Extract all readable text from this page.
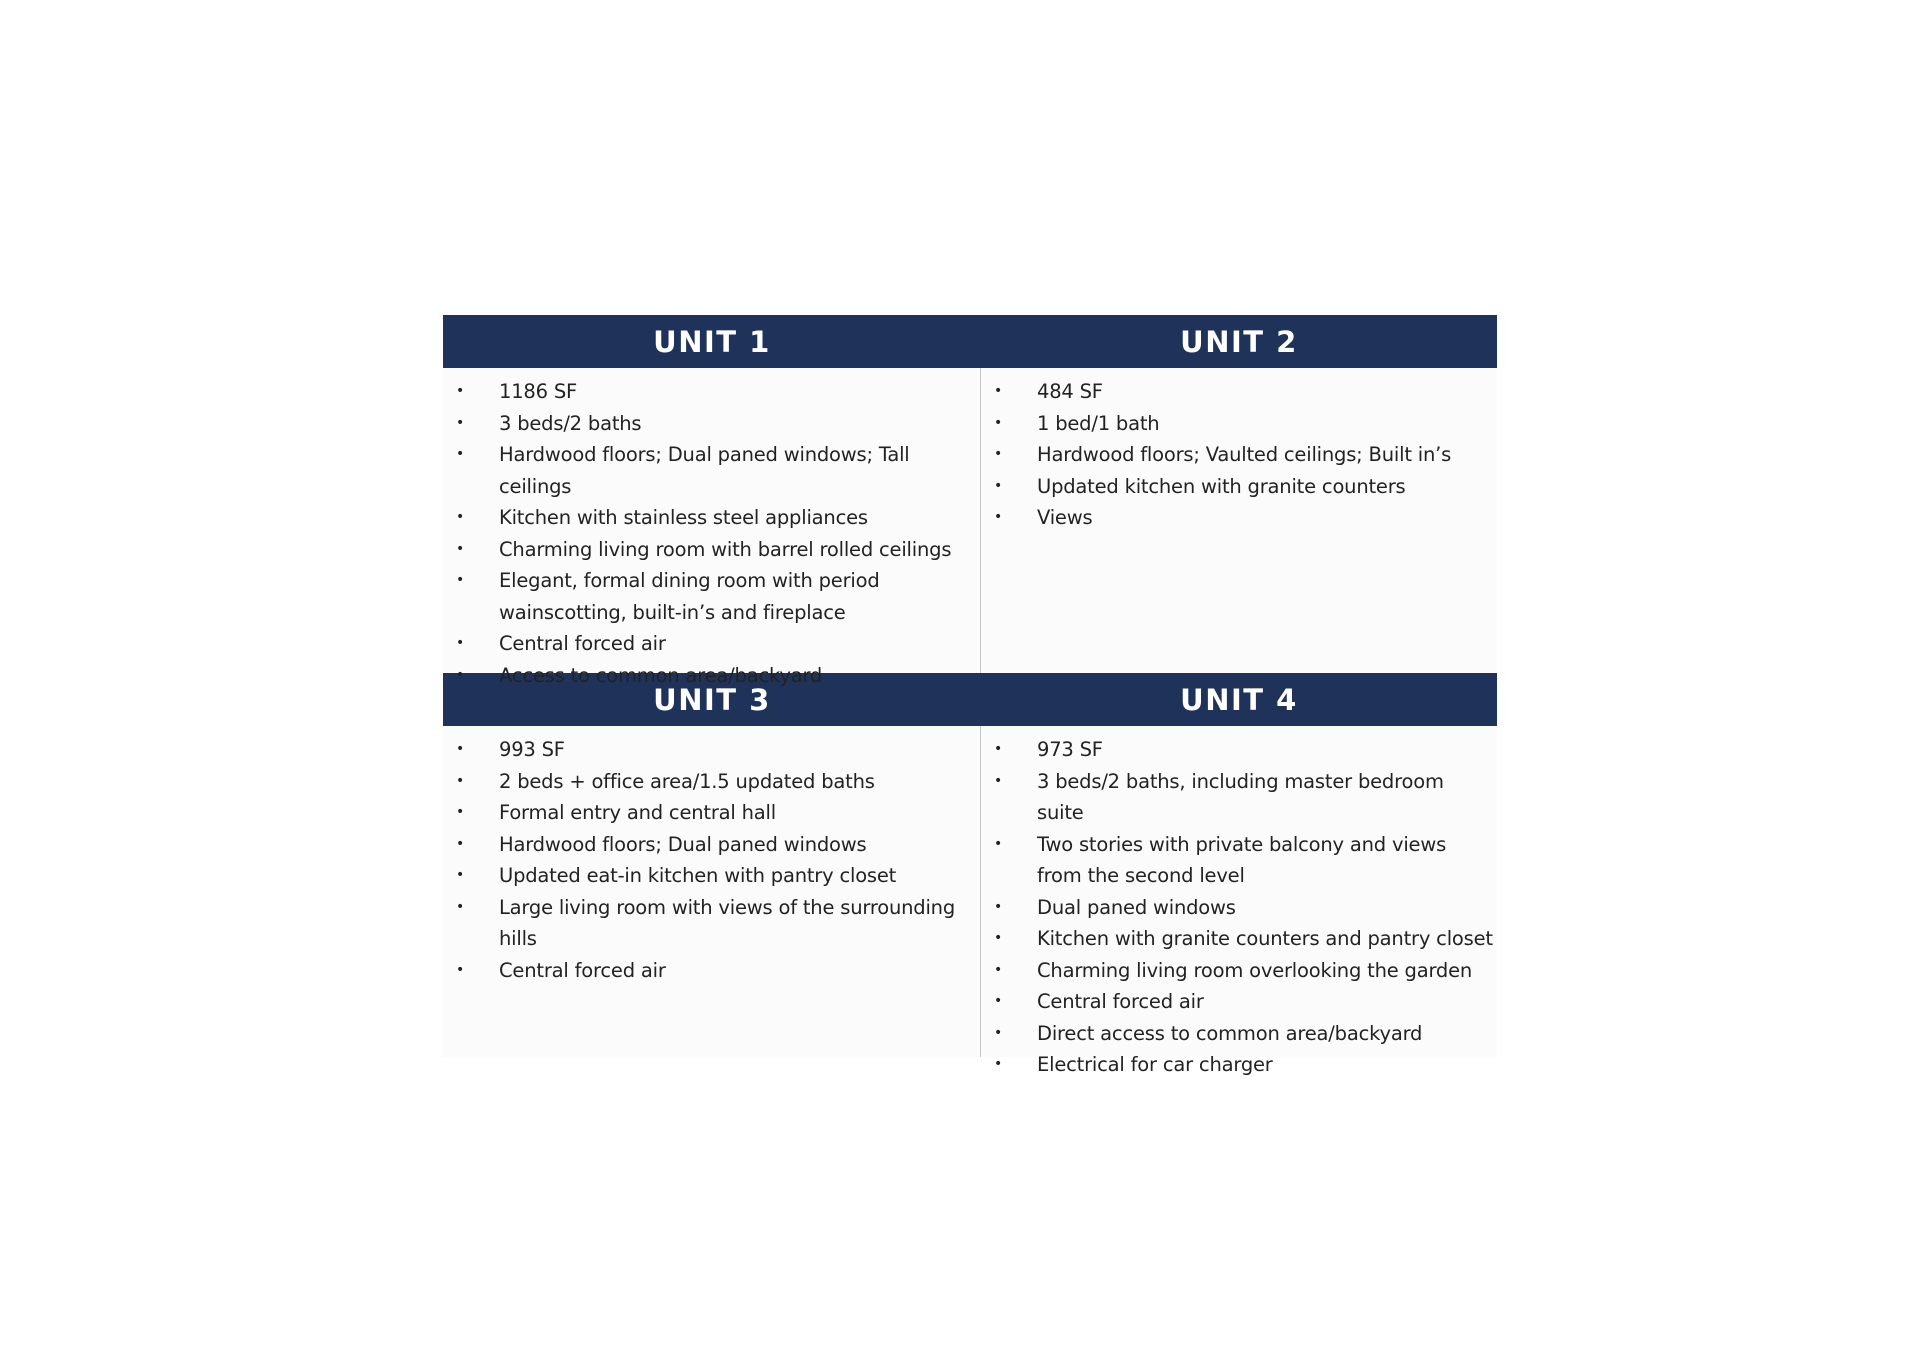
UNIT 1	UNIT 2
• 1186 SF
• 3 beds/2 baths
• Hardwood floors; Dual paned windows; Tall ceilings
• Kitchen with stainless steel appliances
• Charming living room with barrel rolled ceilings
• Elegant, formal dining room with period wainscotting, built-in’s and fireplace
• Central forced air
• Access to common area/backyard
• 484 SF
• 1 bed/1 bath
• Hardwood floors; Vaulted ceilings; Built in’s
• Updated kitchen with granite counters
• Views
UNIT 3	UNIT 4
• 993 SF
• 2 beds + office area/1.5 updated baths
• Formal entry and central hall
• Hardwood floors; Dual paned windows
• Updated eat-in kitchen with pantry closet
• Large living room with views of the surrounding hills
• Central forced air
• 973 SF
• 3 beds/2 baths, including master bedroom suite
• Two stories with private balcony and views from the second level
• Dual paned windows
• Kitchen with granite counters and pantry closet
• Charming living room overlooking the garden
• Central forced air
• Direct access to common area/backyard
• Electrical for car charger
